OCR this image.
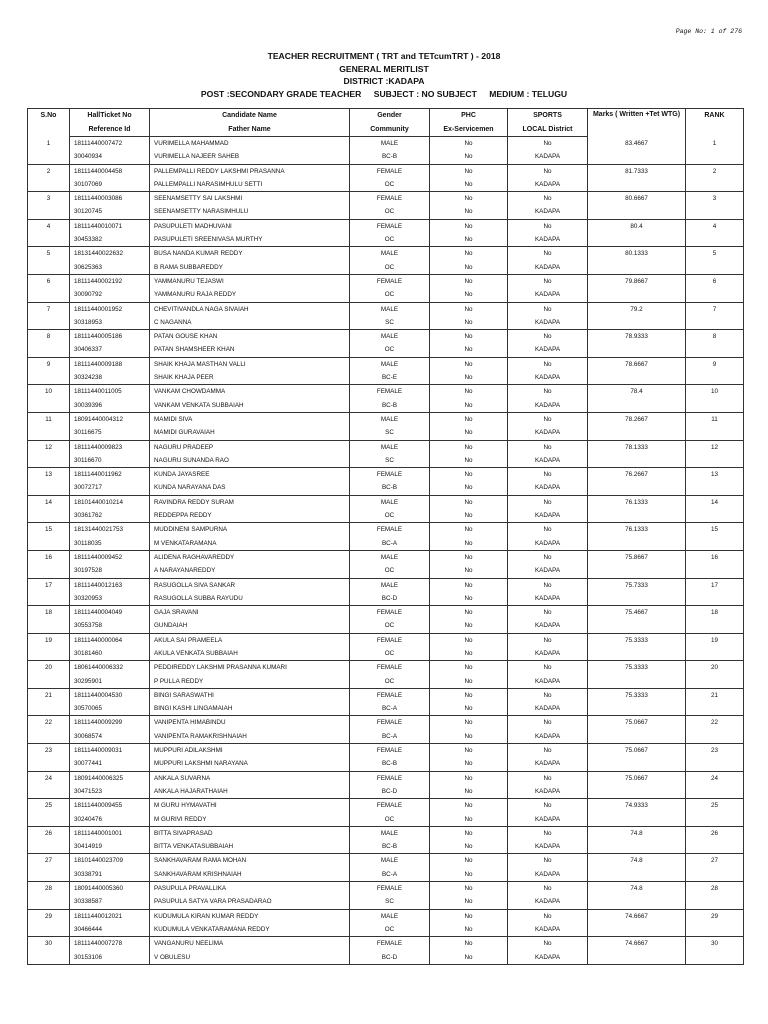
Page No: 1 of 276
TEACHER RECRUITMENT ( TRT and TETcumTRT ) - 2018
GENERAL MERITLIST
DISTRICT :KADAPA
POST :SECONDARY GRADE TEACHER SUBJECT : NO SUBJECT MEDIUM : TELUGU
S.No	HallTicket No	Candidate Name	Gender	PHC	SPORTS	Marks ( Written +Tet WTG)	RANK
	Reference Id	Father Name	Community	Ex-Servicemen	LOCAL District		
1	18111440007472	VURIMELLA MAHAMMAD	MALE	No	No	83.4667	1
	30040934	VURIMELLA NAJEER SAHEB	BC-B	No	KADAPA		
2	18111440004458	PALLEMPALLI REDDY LAKSHMI PRASANNA	FEMALE	No	No	81.7333	2
	30107069	PALLEMPALLI NARASIMHULU SETTI	OC	No	KADAPA		
3	18111440003086	SEENAMSETTY SAI LAKSHMI	FEMALE	No	No	80.6667	3
	30120745	SEENAMSETTY NARASIMHULU	OC	No	KADAPA		
4	18111440010071	PASUPULETI MADHUVANI	FEMALE	No	No	80.4	4
	30453382	PASUPULETI SREENIVASA MURTHY	OC	No	KADAPA		
5	18131440022632	BUSA NANDA KUMAR REDDY	MALE	No	No	80.1333	5
	30625363	B RAMA SUBBAREDDY	OC	No	KADAPA		
6	18111440002192	YAMMANURU TEJASWI	FEMALE	No	No	79.8667	6
	30090792	YAMMANURU RAJA REDDY	OC	No	KADAPA		
7	18111440001952	CHEVITIVANDLA NAGA SIVAIAH	MALE	No	No	79.2	7
	30318953	C NAGANNA	SC	No	KADAPA		
8	18111440005186	PATAN GOUSE KHAN	MALE	No	No	78.9333	8
	30406337	PATAN SHAMSHEER KHAN	OC	No	KADAPA		
9	18111440009188	SHAIK KHAJA MASTHAN VALLI	MALE	No	No	78.6667	9
	30324238	SHAIK KHAJA PEER	BC-E	No	KADAPA		
10	18111440011005	VANKAM CHOWDAMMA	FEMALE	No	No	78.4	10
	30039396	VANKAM VENKATA SUBBAIAH	BC-B	No	KADAPA		
11	18091440004312	MAMIDI SIVA	MALE	No	No	78.2667	11
	30116675	MAMIDI GURAVAIAH	SC	No	KADAPA		
12	18111440009823	NAGURU PRADEEP	MALE	No	No	78.1333	12
	30116670	NAGURU SUNANDA RAO	SC	No	KADAPA		
13	18111440011962	KUNDA JAYASREE	FEMALE	No	No	76.2667	13
	30072717	KUNDA NARAYANA DAS	BC-B	No	KADAPA		
14	18101440010214	RAVINDRA REDDY SURAM	MALE	No	No	76.1333	14
	30361762	REDDEPPA REDDY	OC	No	KADAPA		
15	18131440021753	MUDDINENI SAMPURNA	FEMALE	No	No	76.1333	15
	30118035	M VENKATARAMANA	BC-A	No	KADAPA		
16	18111440009452	ALIDENA RAGHAVAREDDY	MALE	No	No	75.8667	16
	30197528	A NARAYANAREDDY	OC	No	KADAPA		
17	18111440012163	RASUGOLLA SIVA SANKAR	MALE	No	No	75.7333	17
	30320953	RASUGOLLA SUBBA RAYUDU	BC-D	No	KADAPA		
18	18111440004049	GAJA SRAVANI	FEMALE	No	No	75.4667	18
	30553758	GUNDAIAH	OC	No	KADAPA		
19	18111440000064	AKULA SAI PRAMEELA	FEMALE	No	No	75.3333	19
	30181460	AKULA VENKATA SUBBAIAH	OC	No	KADAPA		
20	18061440006332	PEDDIREDDY LAKSHMI PRASANNA KUMARI	FEMALE	No	No	75.3333	20
	30295901	P PULLA REDDY	OC	No	KADAPA		
21	18111440004530	BINGI SARASWATHI	FEMALE	No	No	75.3333	21
	30570065	BINGI KASHI LINGAMAIAH	BC-A	No	KADAPA		
22	18111440009299	VANIPENTA HIMABINDU	FEMALE	No	No	75.0667	22
	30068574	VANIPENTA RAMAKRISHNAIAH	BC-A	No	KADAPA		
23	18111440009031	MUPPURI ADILAKSHMI	FEMALE	No	No	75.0667	23
	30077441	MUPPURI LAKSHMI NARAYANA	BC-B	No	KADAPA		
24	18091440006325	ANKALA SUVARNA	FEMALE	No	No	75.0667	24
	30471523	ANKALA HAJARATHAIAH	BC-D	No	KADAPA		
25	18111440009455	M GURU HYMAVATHI	FEMALE	No	No	74.9333	25
	30240476	M GURIVI REDDY	OC	No	KADAPA		
26	18111440001001	BITTA SIVAPRASAD	MALE	No	No	74.8	26
	30414919	BITTA VENKATASUBBAIAH	BC-B	No	KADAPA		
27	18101440023709	SANKHAVARAM RAMA MOHAN	MALE	No	No	74.8	27
	30338791	SANKHAVARAM KRISHNAIAH	BC-A	No	KADAPA		
28	18091440005360	PASUPULA PRAVALLIKA	FEMALE	No	No	74.8	28
	30338587	PASUPULA SATYA VARA PRASADARAO	SC	No	KADAPA		
29	18111440012021	KUDUMULA KIRAN KUMAR REDDY	MALE	No	No	74.6667	29
	30466444	KUDUMULA VENKATARAMANA REDDY	OC	No	KADAPA		
30	18111440007278	VANGANURU NEELIMA	FEMALE	No	No	74.6667	30
	30153106	V OBULESU	BC-D	No	KADAPA		
